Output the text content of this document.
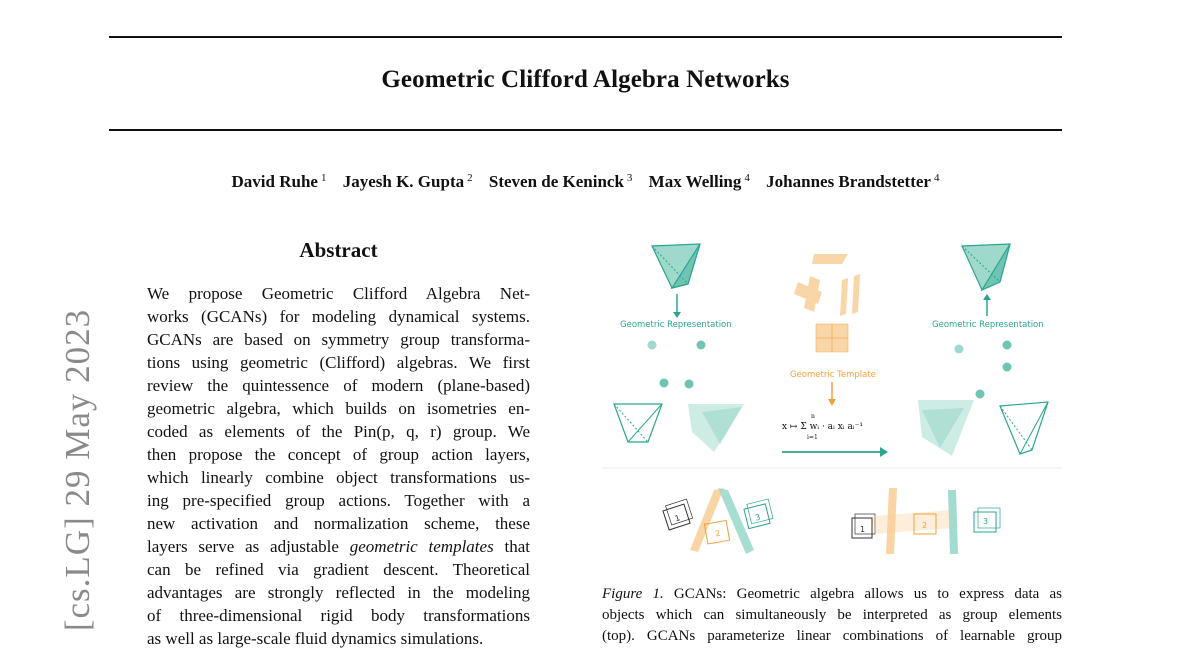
Geometric Clifford Algebra Networks
David Ruhe $^1$ Jayesh K. Gupta $^2$ Steven de Keninck $^3$ Max Welling $^4$ Johannes Brandstetter $^4$
[cs.LG] 29 May 2023
Abstract
We propose Geometric Clifford Algebra Net-
works (GCANs) for modeling dynamical systems.
GCANs are based on symmetry group transforma-
tions using geometric (Clifford) algebras. We first
review the quintessence of modern (plane-based)
geometric algebra, which builds on isometries en-
coded as elements of the Pin(p, q, r) group. We
then propose the concept of group action layers,
which linearly combine object transformations us-
ing pre-specified group actions. Together with a
new activation and normalization scheme, these
layers serve as adjustable geometric templates that
can be refined via gradient descent. Theoretical
advantages are strongly reflected in the modeling
of three-dimensional rigid body transformations
as well as large-scale fluid dynamics simulations.
Geometric Representation
Geometric Template
x ↦ Σ wᵢ · aᵢ xᵢ aᵢ⁻¹
n
i=1
Geometric Representation
1
2
3
1	2	3
Figure 1. GCANs: Geometric algebra allows us to express data as
objects which can simultaneously be interpreted as group elements
(top). GCANs parameterize linear combinations of learnable group
